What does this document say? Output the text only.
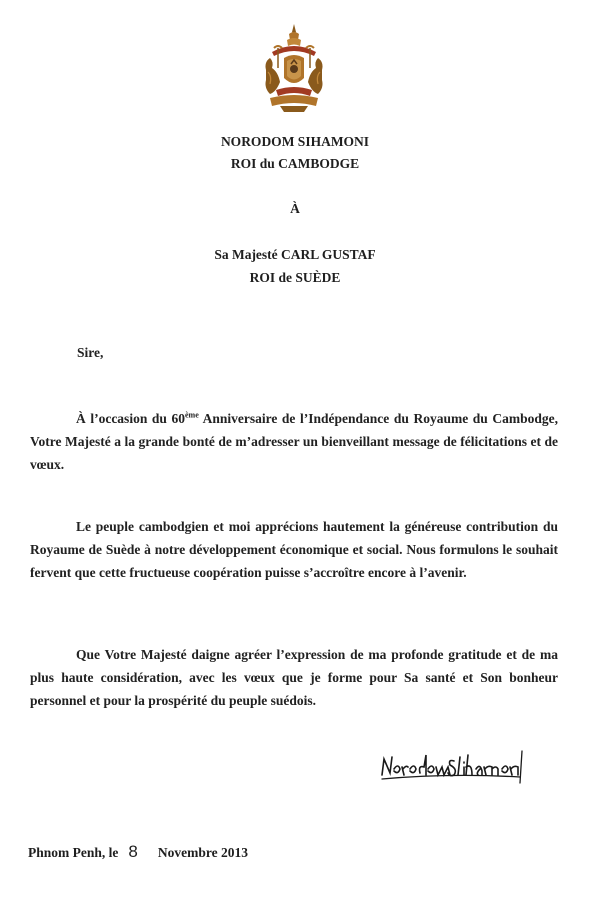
NORODOM SIHAMONI
ROI du CAMBODGE
À
Sa Majesté CARL GUSTAF
ROI de SUÈDE
Sire,
À l’occasion du 60ème Anniversaire de l’Indépendance du Royaume du Cambodge, Votre Majesté a la grande bonté de m’adresser un bienveillant message de félicitations et de vœux.
Le peuple cambodgien et moi apprécions hautement la généreuse contribution du Royaume de Suède à notre développement économique et social. Nous formulons le souhait fervent que cette fructueuse coopération puisse s’accroître encore à l’avenir.
Que Votre Majesté daigne agréer l’expression de ma profonde gratitude et de ma plus haute considération, avec les vœux que je forme pour Sa santé et Son bonheur personnel et pour la prospérité du peuple suédois.
Phnom Penh, le 8 Novembre 2013
